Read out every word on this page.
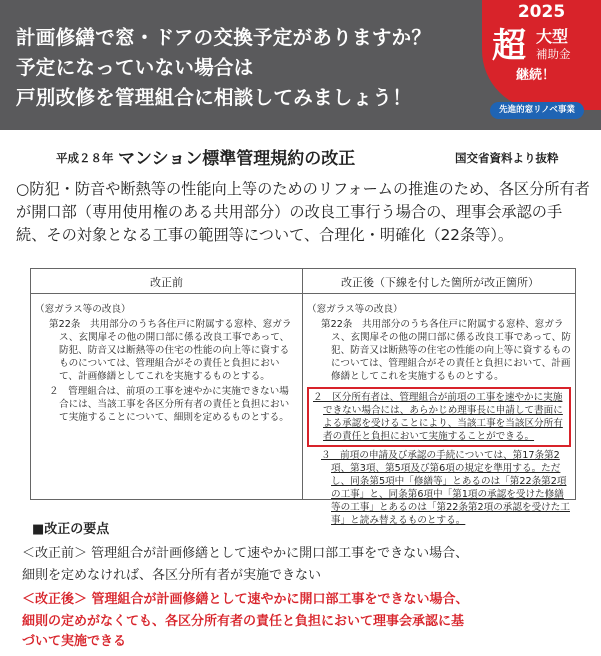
計画修繕で窓・ドアの交換予定がありますか？
予定になっていない場合は
戸別改修を管理組合に相談してみましょう！
2025
超 大型
補助金
継続！
先進的窓リノベ事業
平成２８年 マンション標準管理規約の改正	国交省資料より抜粋
○防犯・防音や断熱等の性能向上等のためのリフォームの推進のため、各区分所有者が開口部（専用使用権のある共用部分）の改良工事行う場合の、理事会承認の手続、その対象となる工事の範囲等について、合理化・明確化（22条等）。
改正前	改正後（下線を付した箇所が改正箇所）

（窓ガラス等の改良）

第22条　共用部分のうち各住戸に附属する窓枠、窓ガラス、玄関扉その他の開口部に係る改良工事であって、防犯、防音又は断熱等の住宅の性能の向上等に資するものについては、管理組合がその責任と負担において、計画修繕としてこれを実施するものとする。

２　管理組合は、前項の工事を速やかに実施できない場合には、当該工事を各区分所有者の責任と負担において実施することについて、細則を定めるものとする。

（窓ガラス等の改良）

第22条　共用部分のうち各住戸に附属する窓枠、窓ガラス、玄関扉その他の開口部に係る改良工事であって、防犯、防音又は断熱等の住宅の性能の向上等に資するものについては、管理組合がその責任と負担において、計画修繕としてこれを実施するものとする。

２　区分所有者は、管理組合が前項の工事を速やかに実施できない場合には、あらかじめ理事長に申請して書面による承認を受けることにより、当該工事を当該区分所有者の責任と負担において実施することができる。

３　前項の申請及び承認の手続については、第17条第2項、第3項、第5項及び第6項の規定を準用する。ただし、同条第5項中「修繕等」とあるのは「第22条第2項の工事」と、同条第6項中「第1項の承認を受けた修繕等の工事」とあるのは「第22条第2項の承認を受けた工事」と読み替えるものとする。

■改正の要点
＜改正前＞ 管理組合が計画修繕として速やかに開口部工事をできない場合、
細則を定めなければ、各区分所有者が実施できない
＜改正後＞ 管理組合が計画修繕として速やかに開口部工事をできない場合、
細則の定めがなくても、各区分所有者の責任と負担において理事会承認に基
づいて実施できる
